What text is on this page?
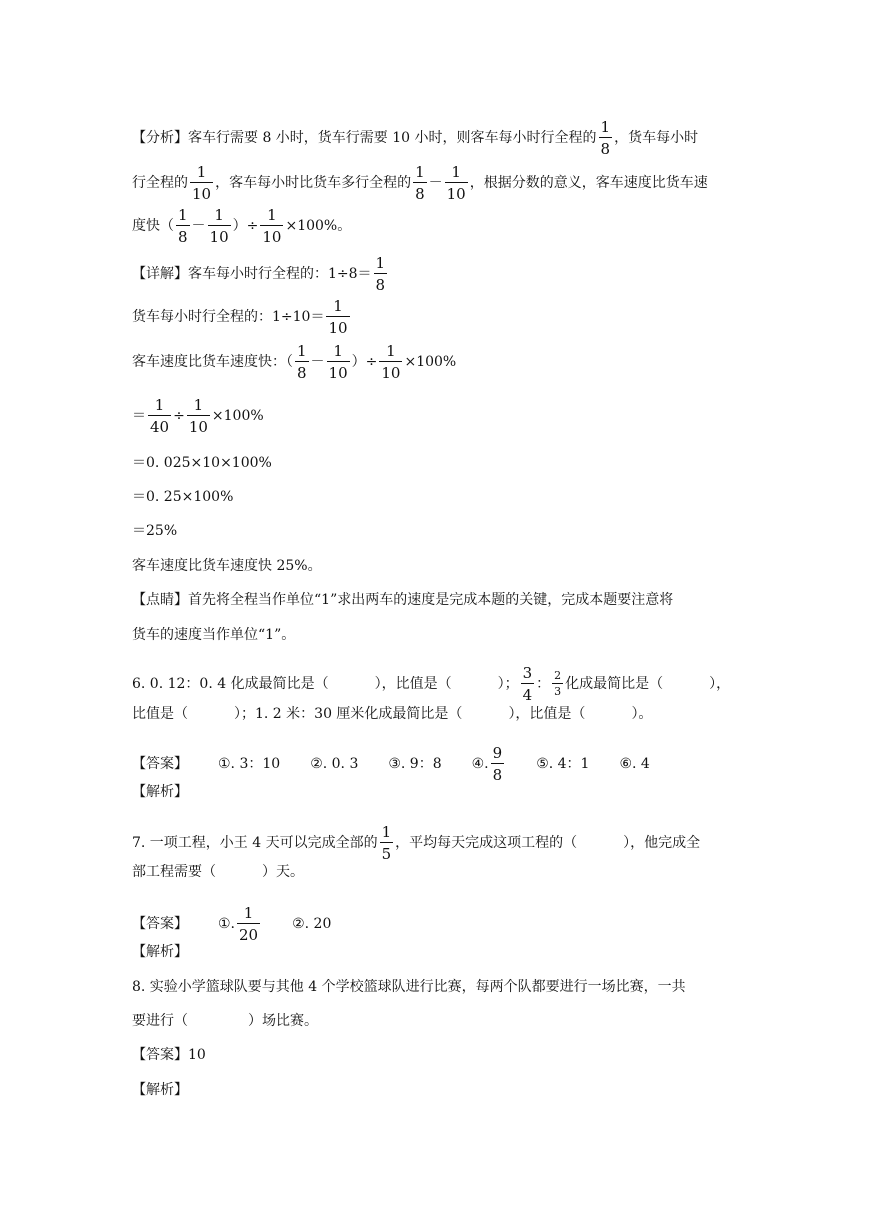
【分析】客车行需要 8 小时，货车行需要 10 小时，则客车每小时行全程的 $\frac{1}{8}$ ，货车每小时
行全程的 $\frac{1}{10}$ ，客车每小时比货车多行全程的 $\frac{1}{8} - \frac{1}{10}$ ，根据分数的意义，客车速度比货车速
度快（ $\frac{1}{8} - \frac{1}{10}$ ）÷ $\frac{1}{10} \times 100\%$。
【详解】客车每小时行全程的：$1\div 8= \frac{1}{8}$
货车每小时行全程的：$1\div 10= \frac{1}{10}$
客车速度比货车速度快：（ $\frac{1}{8} - \frac{1}{10}$ ）÷ $\frac{1}{10} \times 100\%$
＝ $\frac{1}{40} \div \frac{1}{10} \times 100\%$
＝0. 025×10×100%
＝0. 25×100%
＝25%
客车速度比货车速度快 25%。
【点睛】首先将全程当作单位“1”求出两车的速度是完成本题的关键，完成本题要注意将
货车的速度当作单位“1”。
6. 0. 12：0. 4 化成最简比是（	），比值是（	）； $\frac{3}{4}$ ： $\frac{2}{3}$ 化成最简比是（	），
比值是（	）；1. 2 米：30 厘米化成最简比是（	），比值是（	）。
【答案】 ①. 3：10 ②. 0. 3 ③. 9：8 ④. $\frac{9}{8}$ ⑤. 4：1 ⑥. 4
【解析】
7. 一项工程，小王 4 天可以完成全部的 $\frac{1}{5}$ ，平均每天完成这项工程的（	），他完成全
部工程需要（	）天。
【答案】 ①. $\frac{1}{20}$ ②. 20
【解析】
8. 实验小学篮球队要与其他 4 个学校篮球队进行比赛，每两个队都要进行一场比赛，一共
要进行（	）场比赛。
【答案】10
【解析】
